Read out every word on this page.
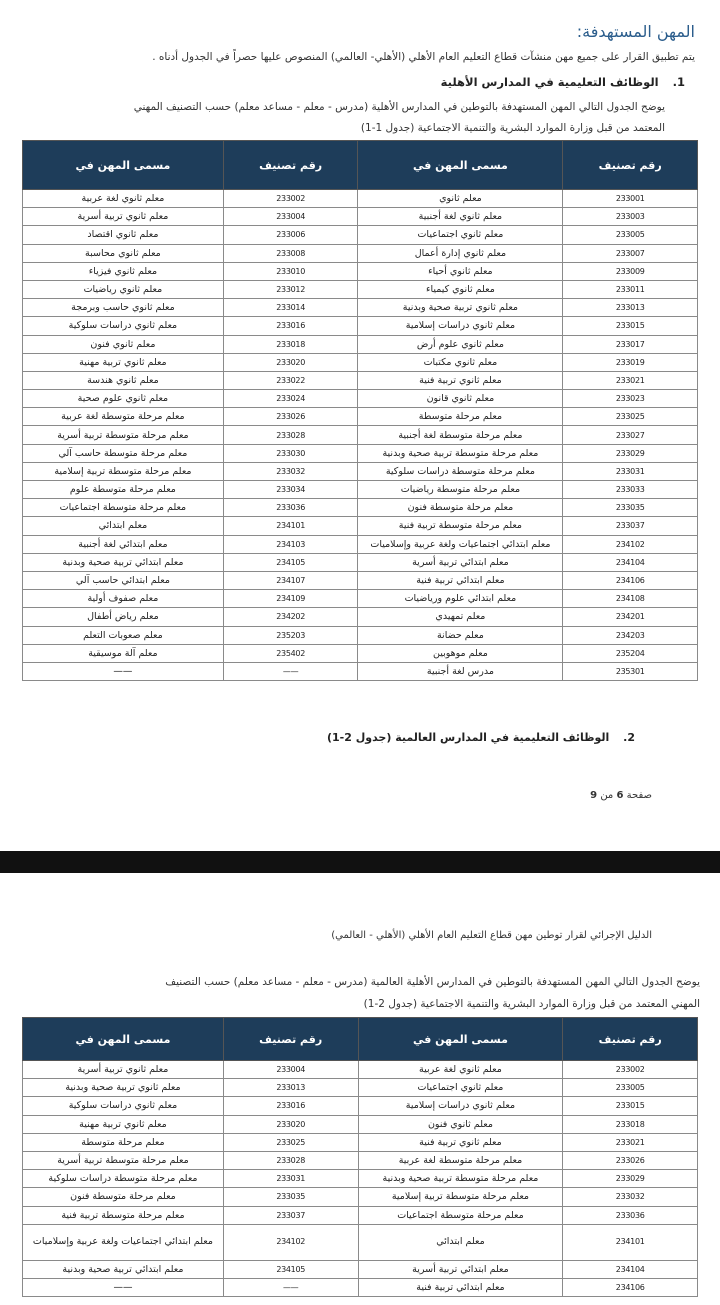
المهن المستهدفة:
يتم تطبيق القرار على جميع مهن منشآت قطاع التعليم العام الأهلي (الأهلي- العالمي) المنصوص عليها حصراً في الجدول أدناه .
1. الوظائف التعليمية في المدارس الأهلية
يوضح الجدول التالي المهن المستهدفة بالتوطين في المدارس الأهلية (مدرس - معلم - مساعد معلم) حسب التصنيف المهني
المعتمد من قبل وزارة الموارد البشرية والتنمية الاجتماعية (جدول 1-1)
رقم تصنيف	مسمى المهن في	رقم تصنيف	مسمى المهن في
233001	معلم ثانوي	233002	معلم ثانوي لغة عربية
233003	معلم ثانوي لغة أجنبية	233004	معلم ثانوي تربية أسرية
233005	معلم ثانوي اجتماعيات	233006	معلم ثانوي اقتصاد
233007	معلم ثانوي إدارة أعمال	233008	معلم ثانوي محاسبة
233009	معلم ثانوي أحياء	233010	معلم ثانوي فيزياء
233011	معلم ثانوي كيمياء	233012	معلم ثانوي رياضيات
233013	معلم ثانوي تربية صحية وبدنية	233014	معلم ثانوي حاسب وبرمجة
233015	معلم ثانوي دراسات إسلامية	233016	معلم ثانوي دراسات سلوكية
233017	معلم ثانوي علوم أرض	233018	معلم ثانوي فنون
233019	معلم ثانوي مكتبات	233020	معلم ثانوي تربية مهنية
233021	معلم ثانوي تربية فنية	233022	معلم ثانوي هندسة
233023	معلم ثانوي قانون	233024	معلم ثانوي علوم صحية
233025	معلم مرحلة متوسطة	233026	معلم مرحلة متوسطة لغة عربية
233027	معلم مرحلة متوسطة لغة أجنبية	233028	معلم مرحلة متوسطة تربية أسرية
233029	معلم مرحلة متوسطة تربية صحية وبدنية	233030	معلم مرحلة متوسطة حاسب آلي
233031	معلم مرحلة متوسطة دراسات سلوكية	233032	معلم مرحلة متوسطة تربية إسلامية
233033	معلم مرحلة متوسطة رياضيات	233034	معلم مرحلة متوسطة علوم
233035	معلم مرحلة متوسطة فنون	233036	معلم مرحلة متوسطة اجتماعيات
233037	معلم مرحلة متوسطة تربية فنية	234101	معلم ابتدائي
234102	معلم ابتدائي اجتماعيات ولغة عربية وإسلاميات	234103	معلم ابتدائي لغة أجنبية
234104	معلم ابتدائي تربية أسرية	234105	معلم ابتدائي تربية صحية وبدنية
234106	معلم ابتدائي تربية فنية	234107	معلم ابتدائي حاسب آلي
234108	معلم ابتدائي علوم ورياضيات	234109	معلم صفوف أولية
234201	معلم تمهيدي	234202	معلم رياض أطفال
234203	معلم حضانة	235203	معلم صعوبات التعلم
235204	معلم موهوبين	235402	معلم آلة موسيقية
235301	مدرس لغة أجنبية	——	——
2. الوظائف التعليمية في المدارس العالمية (جدول 2-1)
صفحة 6 من 9
الدليل الإجرائي لقرار توطين مهن قطاع التعليم العام الأهلي (الأهلي - العالمي)
يوضح الجدول التالي المهن المستهدفة بالتوطين في المدارس الأهلية العالمية (مدرس - معلم - مساعد معلم) حسب التصنيف
المهني المعتمد من قبل وزارة الموارد البشرية والتنمية الاجتماعية (جدول 2-1)
رقم تصنيف	مسمى المهن في	رقم تصنيف	مسمى المهن في
233002	معلم ثانوي لغة عربية	233004	معلم ثانوي تربية أسرية
233005	معلم ثانوي اجتماعيات	233013	معلم ثانوي تربية صحية وبدنية
233015	معلم ثانوي دراسات إسلامية	233016	معلم ثانوي دراسات سلوكية
233018	معلم ثانوي فنون	233020	معلم ثانوي تربية مهنية
233021	معلم ثانوي تربية فنية	233025	معلم مرحلة متوسطة
233026	معلم مرحلة متوسطة لغة عربية	233028	معلم مرحلة متوسطة تربية أسرية
233029	معلم مرحلة متوسطة تربية صحية وبدنية	233031	معلم مرحلة متوسطة دراسات سلوكية
233032	معلم مرحلة متوسطة تربية إسلامية	233035	معلم مرحلة متوسطة فنون
233036	معلم مرحلة متوسطة اجتماعيات	233037	معلم مرحلة متوسطة تربية فنية
234101	معلم ابتدائي	234102	معلم ابتدائي اجتماعيات ولغة عربية وإسلاميات
234104	معلم ابتدائي تربية أسرية	234105	معلم ابتدائي تربية صحية وبدنية
234106	معلم ابتدائي تربية فنية	——	——
